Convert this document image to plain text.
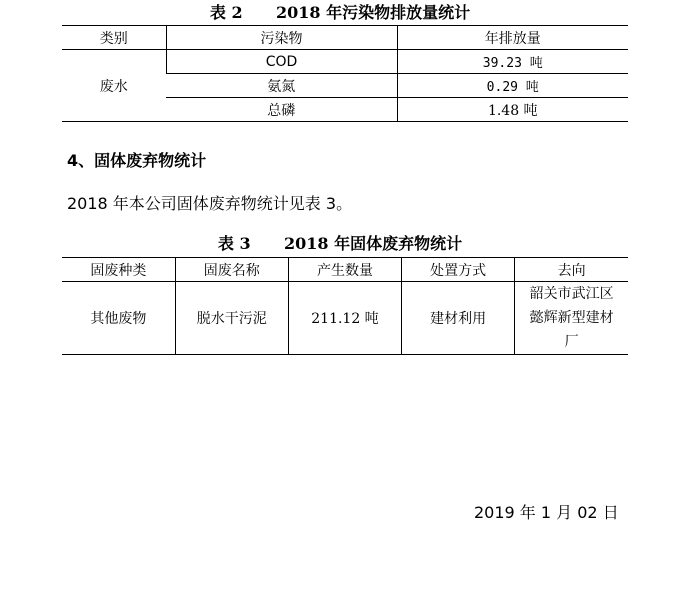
表 2      2018 年污染物排放量统计
类别	污染物	年排放量
废水	COD	39.23 吨
	氨氮	0.29 吨
	总磷	1.48 吨
4、固体废弃物统计
2018 年本公司固体废弃物统计见表 3。
表 3      2018 年固体废弃物统计
固废种类	固废名称	产生数量	处置方式	去向
其他废物	脱水干污泥	211.12 吨	建材利用	韶关市武江区懿辉新型建材厂
2019 年 1 月 02 日
